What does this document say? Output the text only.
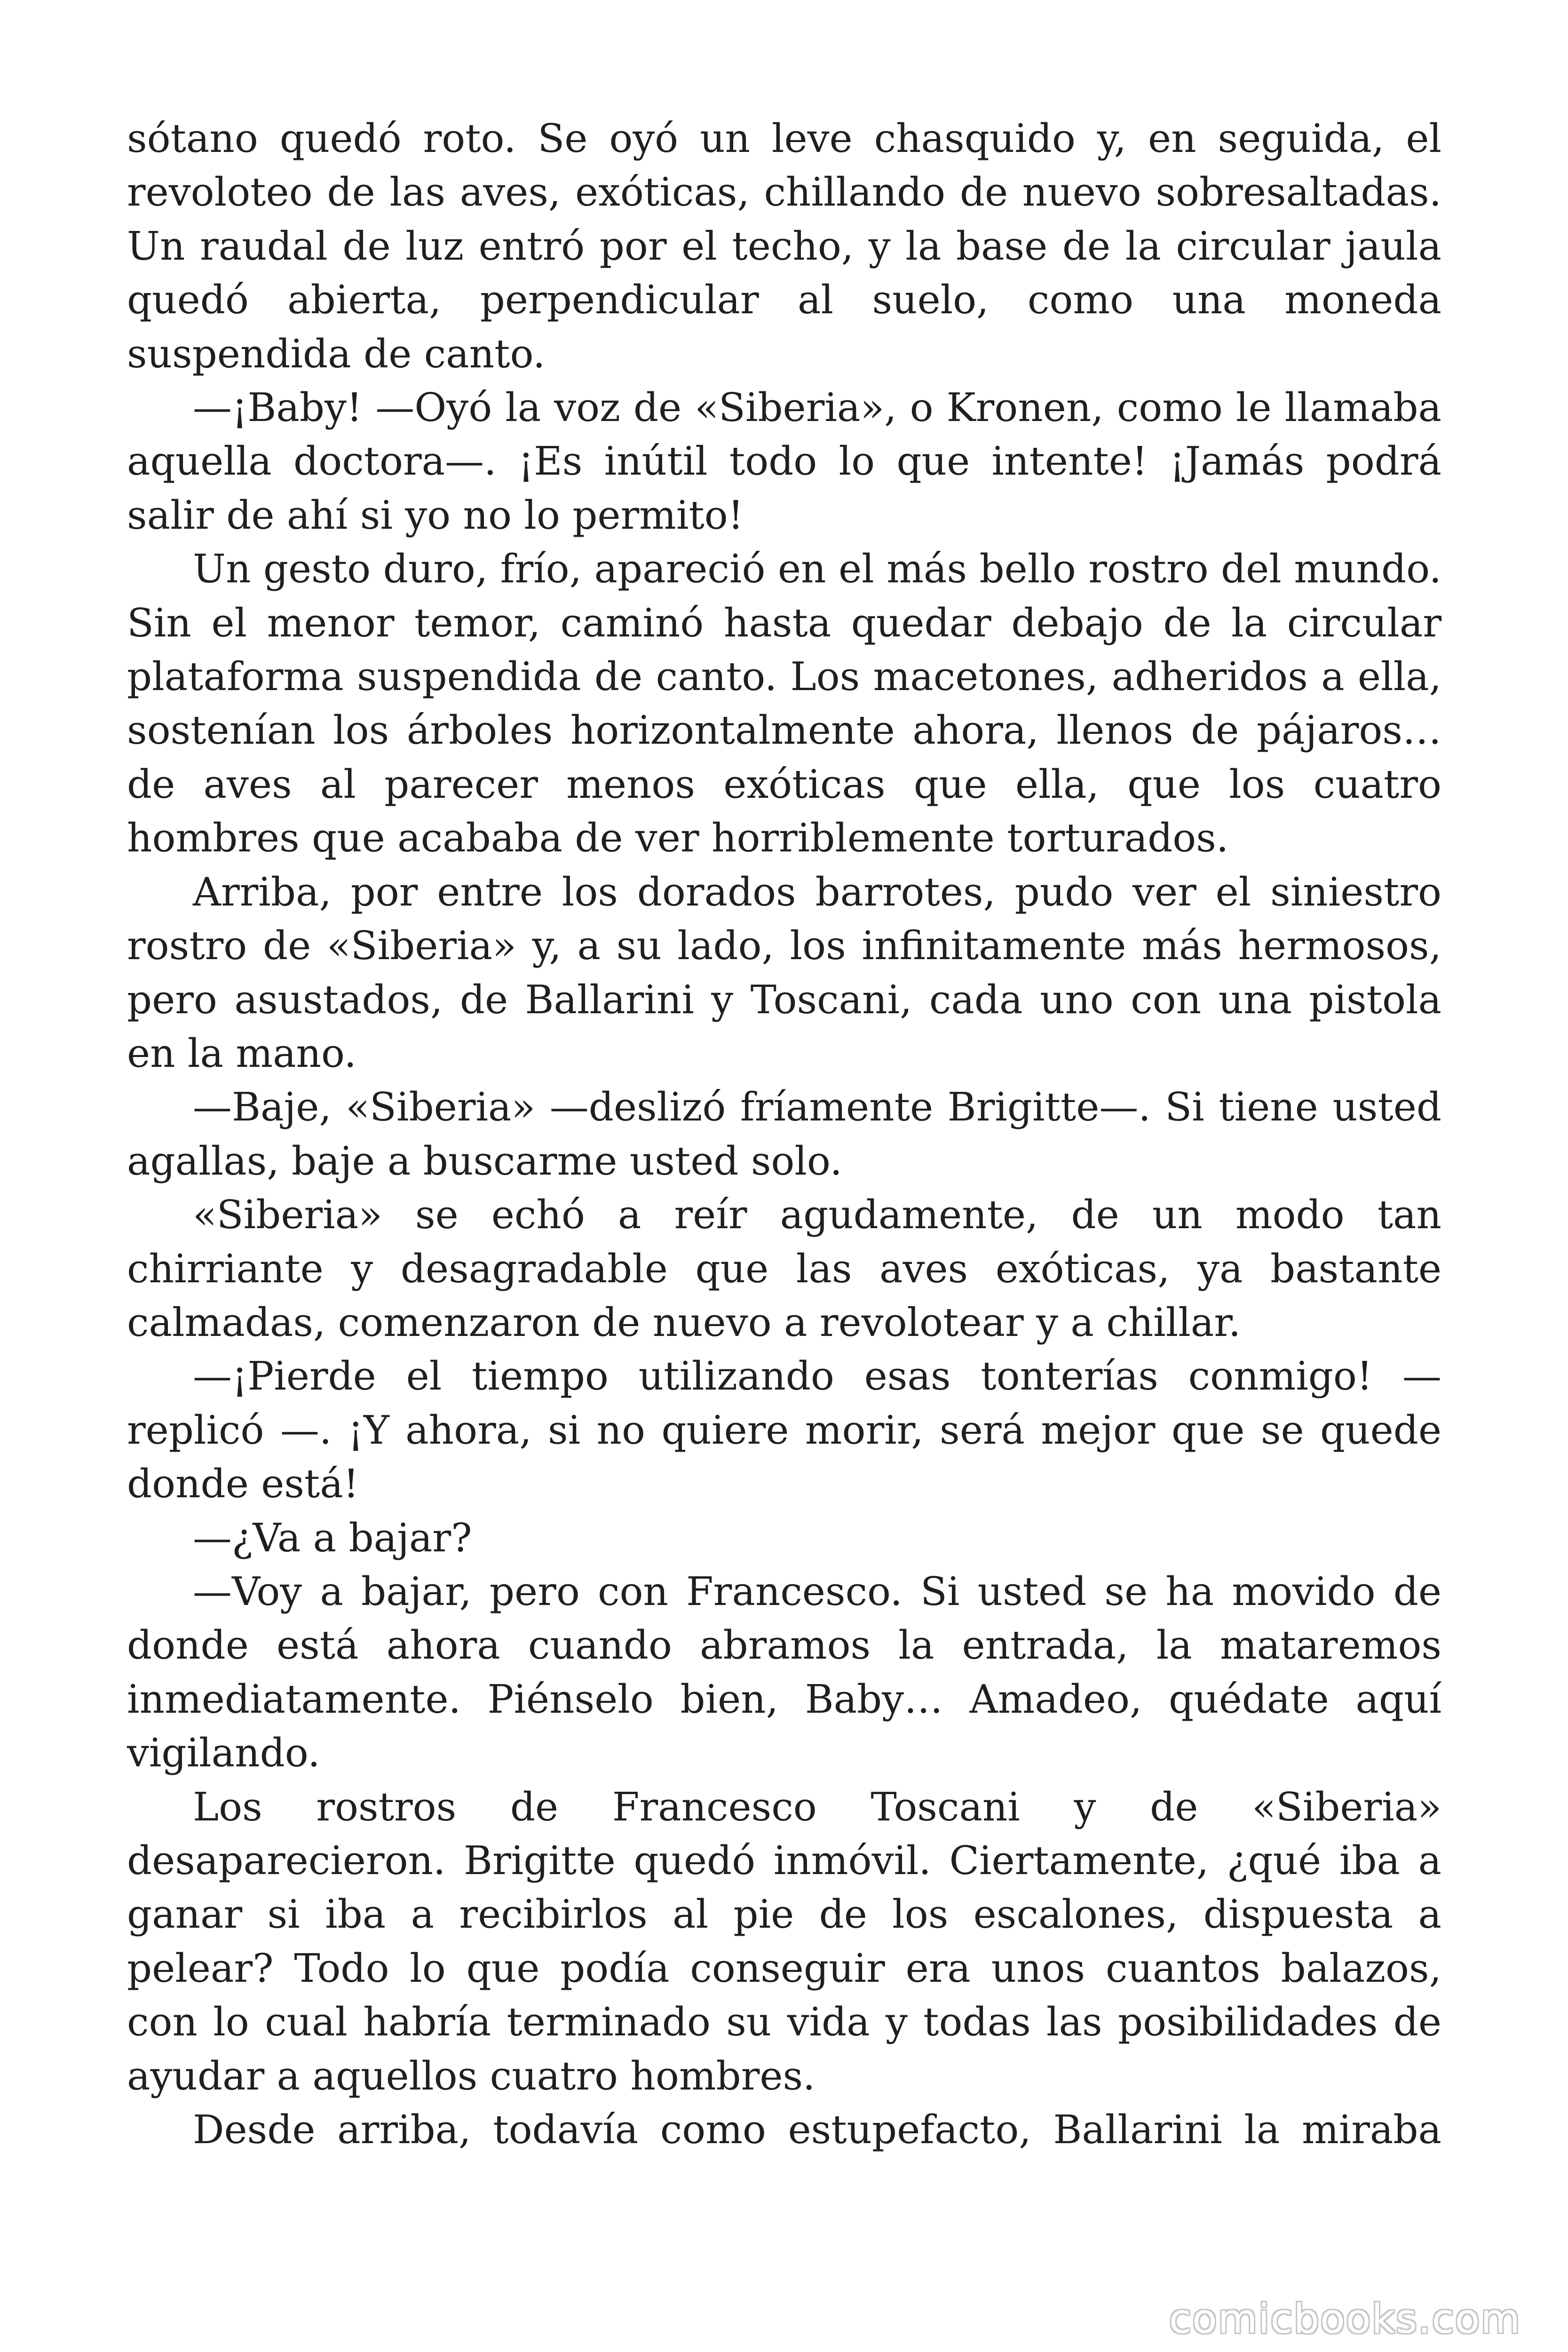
sótano quedó roto. Se oyó un leve chasquido y, en seguida, el revoloteo de las aves, exóticas, chillando de nuevo sobresaltadas. Un raudal de luz entró por el techo, y la base de la circular jaula quedó abierta, perpendicular al suelo, como una moneda suspendida de canto.

—¡Baby! —Oyó la voz de «Siberia», o Kronen, como le llamaba aquella doctora—. ¡Es inútil todo lo que intente! ¡Jamás podrá salir de ahí si yo no lo permito!

Un gesto duro, frío, apareció en el más bello rostro del mundo. Sin el menor temor, caminó hasta quedar debajo de la circular plataforma suspendida de canto. Los macetones, adheridos a ella, sostenían los árboles horizontalmente ahora, llenos de pájaros… de aves al parecer menos exóticas que ella, que los cuatro hombres que acababa de ver horriblemente torturados.

Arriba, por entre los dorados barrotes, pudo ver el siniestro rostro de «Siberia» y, a su lado, los infinitamente más hermosos, pero asustados, de Ballarini y Toscani, cada uno con una pistola en la mano.

—Baje, «Siberia» —deslizó fríamente Brigitte—. Si tiene usted agallas, baje a buscarme usted solo.

«Siberia» se echó a reír agudamente, de un modo tan chirriante y desagradable que las aves exóticas, ya bastante calmadas, comenzaron de nuevo a revolotear y a chillar.

—¡Pierde el tiempo utilizando esas tonterías conmigo! —replicó —. ¡Y ahora, si no quiere morir, será mejor que se quede donde está!

—¿Va a bajar?

—Voy a bajar, pero con Francesco. Si usted se ha movido de donde está ahora cuando abramos la entrada, la mataremos inmediatamente. Piénselo bien, Baby… Amadeo, quédate aquí vigilando.

Los rostros de Francesco Toscani y de «Siberia» desaparecieron. Brigitte quedó inmóvil. Ciertamente, ¿qué iba a ganar si iba a recibirlos al pie de los escalones, dispuesta a pelear? Todo lo que podía conseguir era unos cuantos balazos, con lo cual habría terminado su vida y todas las posibilidades de ayudar a aquellos cuatro hombres.

Desde arriba, todavía como estupefacto, Ballarini la miraba

comicbooks.com
